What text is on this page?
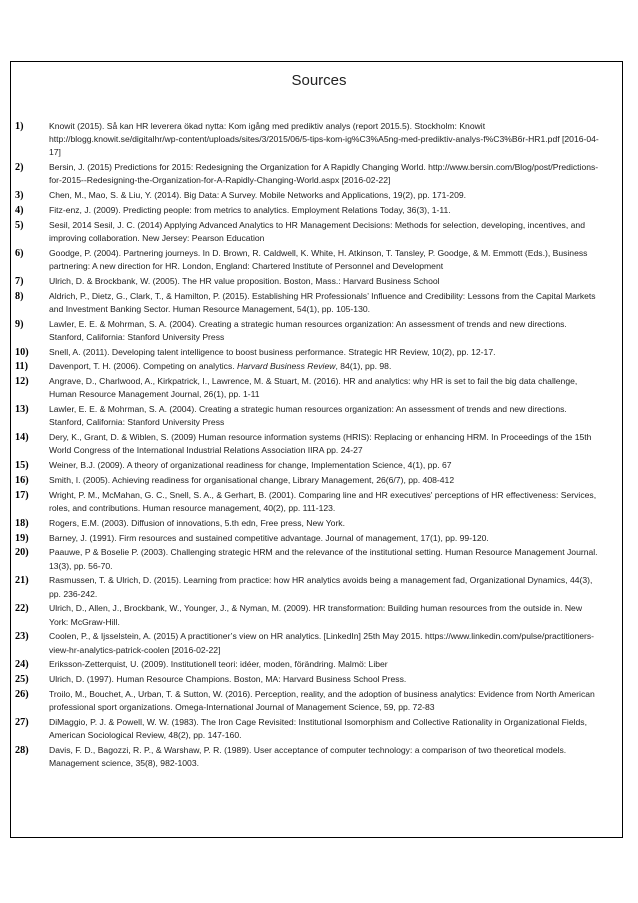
Sources
1)	Knowit (2015). Så kan HR leverera ökad nytta: Kom igång med prediktiv analys (report 2015.5). Stockholm: Knowit http://blogg.knowit.se/digitalhr/wp-content/uploads/sites/3/2015/06/5-tips-kom-ig%C3%A5ng-med-prediktiv-analys-f%C3%B6r-HR1.pdf [2016-04-17]
2)	Bersin, J. (2015) Predictions for 2015: Redesigning the Organization for A Rapidly Changing World. http://www.bersin.com/Blog/post/Predictions-for-2015--Redesigning-the-Organization-for-A-Rapidly-Changing-World.aspx [2016-02-22]
3)	Chen, M., Mao, S. & Liu, Y. (2014). Big Data: A Survey. Mobile Networks and Applications, 19(2), pp. 171-209.
4)	Fitz-enz, J. (2009). Predicting people: from metrics to analytics. Employment Relations Today, 36(3), 1-11.
5)	Sesil, 2014 Sesil, J. C. (2014) Applying Advanced Analytics to HR Management Decisions: Methods for selection, developing, incentives, and improving collaboration. New Jersey: Pearson Education
6)	Goodge, P. (2004). Partnering journeys. In D. Brown, R. Caldwell, K. White, H. Atkinson, T. Tansley, P. Goodge, & M. Emmott (Eds.), Business partnering: A new direction for HR. London, England: Chartered Institute of Personnel and Development
7)	Ulrich, D. & Brockbank, W. (2005). The HR value proposition. Boston, Mass.: Harvard Business School
8)	Aldrich, P., Dietz, G., Clark, T., & Hamilton, P. (2015). Establishing HR Professionals’ Influence and Credibility: Lessons from the Capital Markets and Investment Banking Sector. Human Resource Management, 54(1), pp. 105-130.
9)	Lawler, E. E. & Mohrman, S. A. (2004). Creating a strategic human resources organization: An assessment of trends and new directions. Stanford, California: Stanford University Press
10)	Snell, A. (2011). Developing talent intelligence to boost business performance. Strategic HR Review, 10(2), pp. 12-17.
11)	Davenport, T. H. (2006). Competing on analytics. Harvard Business Review, 84(1), pp. 98.
12)	Angrave, D., Charlwood, A., Kirkpatrick, I., Lawrence, M. & Stuart, M. (2016). HR and analytics: why HR is set to fail the big data challenge, Human Resource Management Journal, 26(1), pp. 1-11
13)	Lawler, E. E. & Mohrman, S. A. (2004). Creating a strategic human resources organization: An assessment of trends and new directions. Stanford, California: Stanford University Press
14)	Dery, K., Grant, D. & Wiblen, S. (2009) Human resource information systems (HRIS): Replacing or enhancing HRM. In Proceedings of the 15th World Congress of the International Industrial Relations Association IIRA pp. 24-27
15)	Weiner, B.J. (2009). A theory of organizational readiness for change, Implementation Science, 4(1), pp. 67
16)	Smith, I. (2005). Achieving readiness for organisational change, Library Management, 26(6/7), pp. 408-412
17)	Wright, P. M., McMahan, G. C., Snell, S. A., & Gerhart, B. (2001). Comparing line and HR executives' perceptions of HR effectiveness: Services, roles, and contributions. Human resource management, 40(2), pp. 111-123.
18)	Rogers, E.M. (2003). Diffusion of innovations, 5.th edn, Free press, New York.
19)	Barney, J. (1991). Firm resources and sustained competitive advantage. Journal of management, 17(1), pp. 99-120.
20)	Paauwe, P & Boselie P. (2003). Challenging strategic HRM and the relevance of the institutional setting. Human Resource Management Journal. 13(3), pp. 56-70.
21)	Rasmussen, T. & Ulrich, D. (2015). Learning from practice: how HR analytics avoids being a management fad, Organizational Dynamics, 44(3), pp. 236-242.
22)	Ulrich, D., Allen, J., Brockbank, W., Younger, J., & Nyman, M. (2009). HR transformation: Building human resources from the outside in. New York: McGraw-Hill.
23)	Coolen, P., & Ijsselstein, A. (2015) A practitioner’s view on HR analytics. [LinkedIn] 25th May 2015. https://www.linkedin.com/pulse/practitioners-view-hr-analytics-patrick-coolen [2016-02-22]
24)	Eriksson-Zetterquist, U. (2009). Institutionell teori: idéer, moden, förändring. Malmö: Liber
25)	Ulrich, D. (1997). Human Resource Champions. Boston, MA: Harvard Business School Press.
26)	Troilo, M., Bouchet, A., Urban, T. & Sutton, W. (2016). Perception, reality, and the adoption of business analytics: Evidence from North American professional sport organizations. Omega-International Journal of Management Science, 59, pp. 72-83
27)	DiMaggio, P. J. & Powell, W. W. (1983). The Iron Cage Revisited: Institutional Isomorphism and Collective Rationality in Organizational Fields, American Sociological Review, 48(2), pp. 147-160.
28)	Davis, F. D., Bagozzi, R. P., & Warshaw, P. R. (1989). User acceptance of computer technology: a comparison of two theoretical models. Management science, 35(8), 982-1003.
